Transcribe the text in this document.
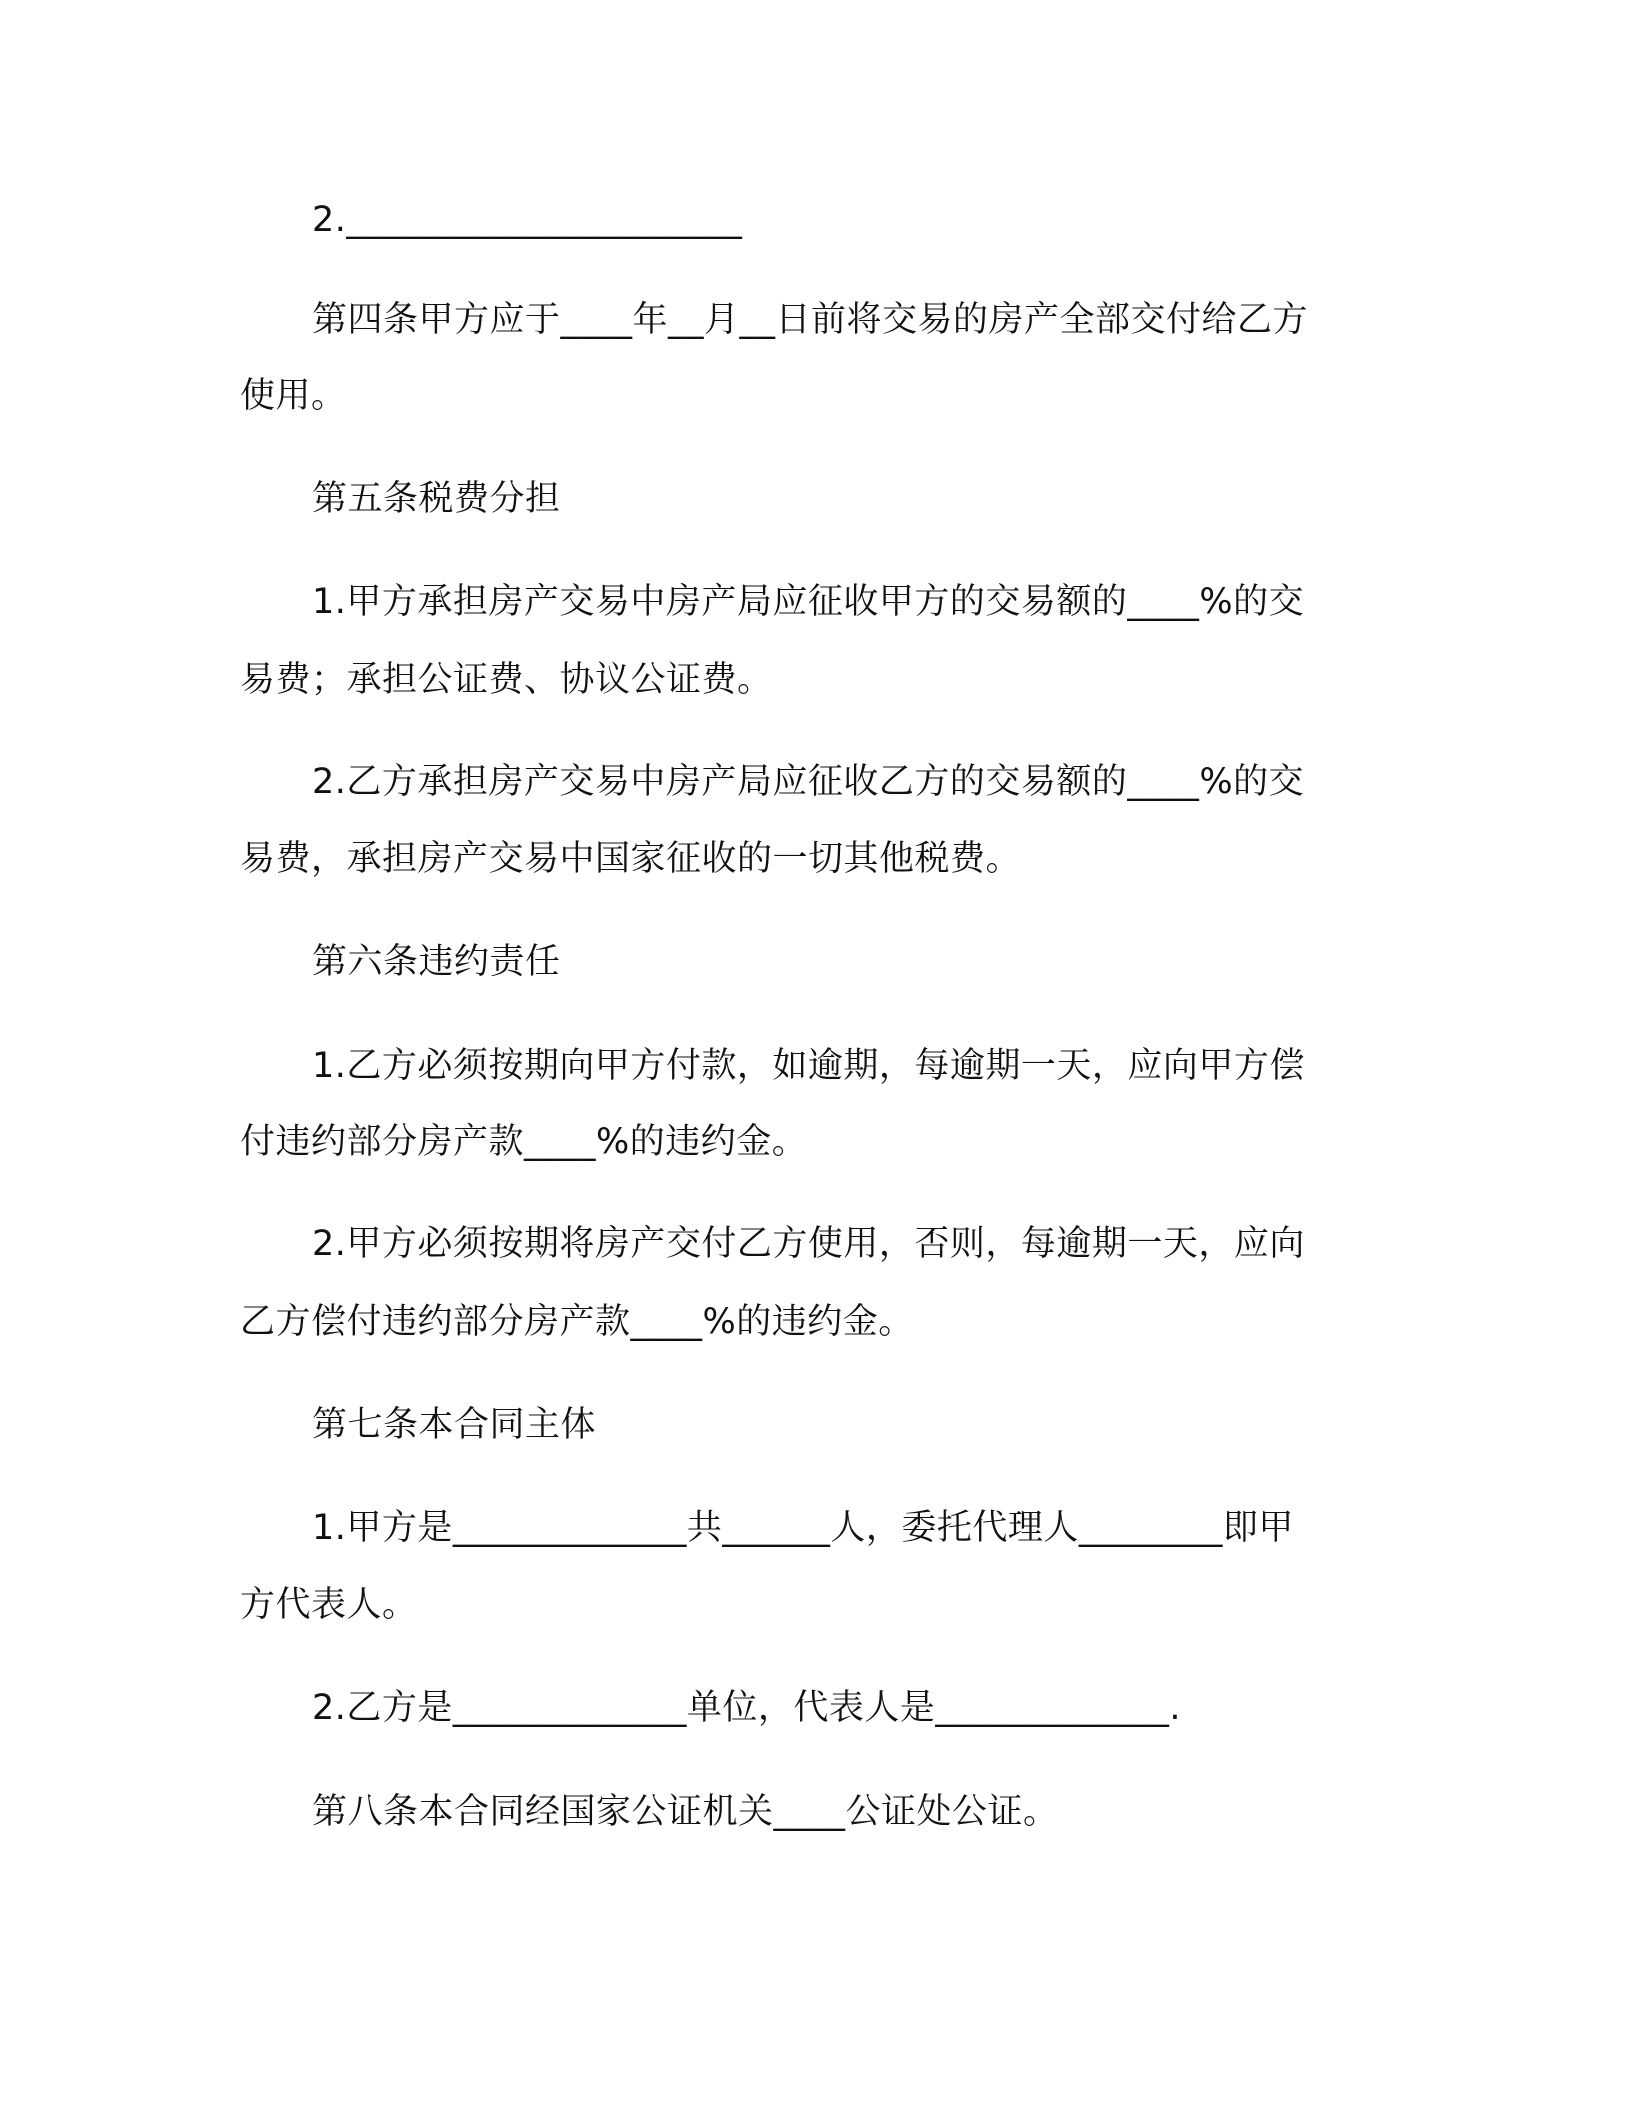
2.______________________
第四条甲方应于____年__月__日前将交易的房产全部交付给乙方
使用。
第五条税费分担
1.甲方承担房产交易中房产局应征收甲方的交易额的____%的交
易费；承担公证费、协议公证费。
2.乙方承担房产交易中房产局应征收乙方的交易额的____%的交
易费，承担房产交易中国家征收的一切其他税费。
第六条违约责任
1.乙方必须按期向甲方付款，如逾期，每逾期一天，应向甲方偿
付违约部分房产款____%的违约金。
2.甲方必须按期将房产交付乙方使用，否则，每逾期一天，应向
乙方偿付违约部分房产款____%的违约金。
第七条本合同主体
1.甲方是_____________共______人，委托代理人________即甲
方代表人。
2.乙方是_____________单位，代表人是_____________.
第八条本合同经国家公证机关____公证处公证。
